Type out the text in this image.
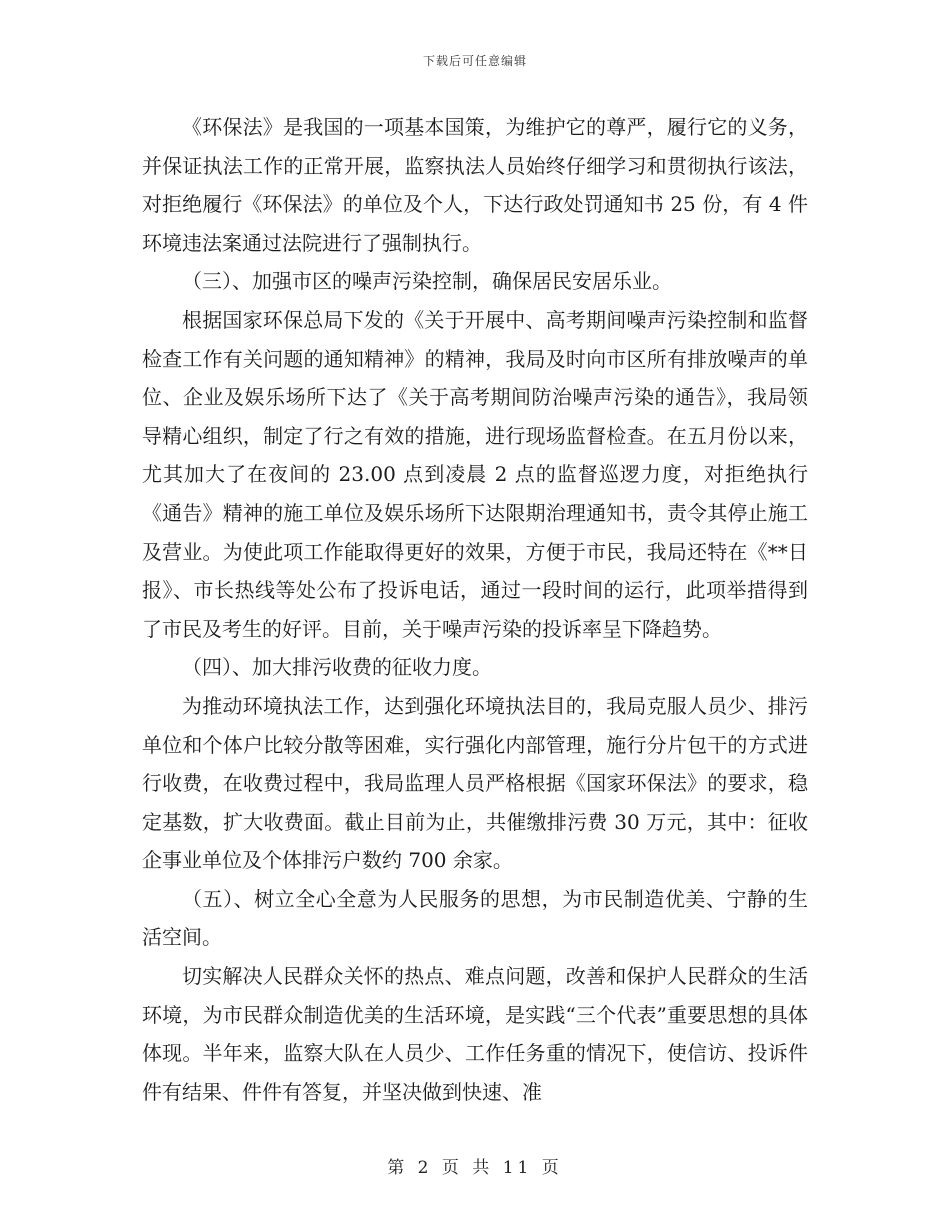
下载后可任意编辑

《环保法》是我国的一项基本国策，为维护它的尊严，履行它的义务，并保证执法工作的正常开展，监察执法人员始终仔细学习和贯彻执行该法，对拒绝履行《环保法》的单位及个人，下达行政处罚通知书 25 份，有 4 件环境违法案通过法院进行了强制执行。

（三）、加强市区的噪声污染控制，确保居民安居乐业。

根据国家环保总局下发的《关于开展中、高考期间噪声污染控制和监督检查工作有关问题的通知精神》的精神，我局及时向市区所有排放噪声的单位、企业及娱乐场所下达了《关于高考期间防治噪声污染的通告》，我局领导精心组织，制定了行之有效的措施，进行现场监督检查。在五月份以来，尤其加大了在夜间的 23.00 点到凌晨 2 点的监督巡逻力度，对拒绝执行《通告》精神的施工单位及娱乐场所下达限期治理通知书，责令其停止施工及营业。为使此项工作能取得更好的效果，方便于市民，我局还特在《**日报》、市长热线等处公布了投诉电话，通过一段时间的运行，此项举措得到了市民及考生的好评。目前，关于噪声污染的投诉率呈下降趋势。

（四）、加大排污收费的征收力度。

为推动环境执法工作，达到强化环境执法目的，我局克服人员少、排污单位和个体户比较分散等困难，实行强化内部管理，施行分片包干的方式进行收费，在收费过程中，我局监理人员严格根据《国家环保法》的要求，稳定基数，扩大收费面。截止目前为止，共催缴排污费 30 万元，其中：征收企事业单位及个体排污户数约 700 余家。

（五）、树立全心全意为人民服务的思想，为市民制造优美、宁静的生活空间。

切实解决人民群众关怀的热点、难点问题，改善和保护人民群众的生活环境，为市民群众制造优美的生活环境，是实践“三个代表”重要思想的具体体现。半年来，监察大队在人员少、工作任务重的情况下，使信访、投诉件件有结果、件件有答复，并坚决做到快速、准

第 2 页 共 11 页
